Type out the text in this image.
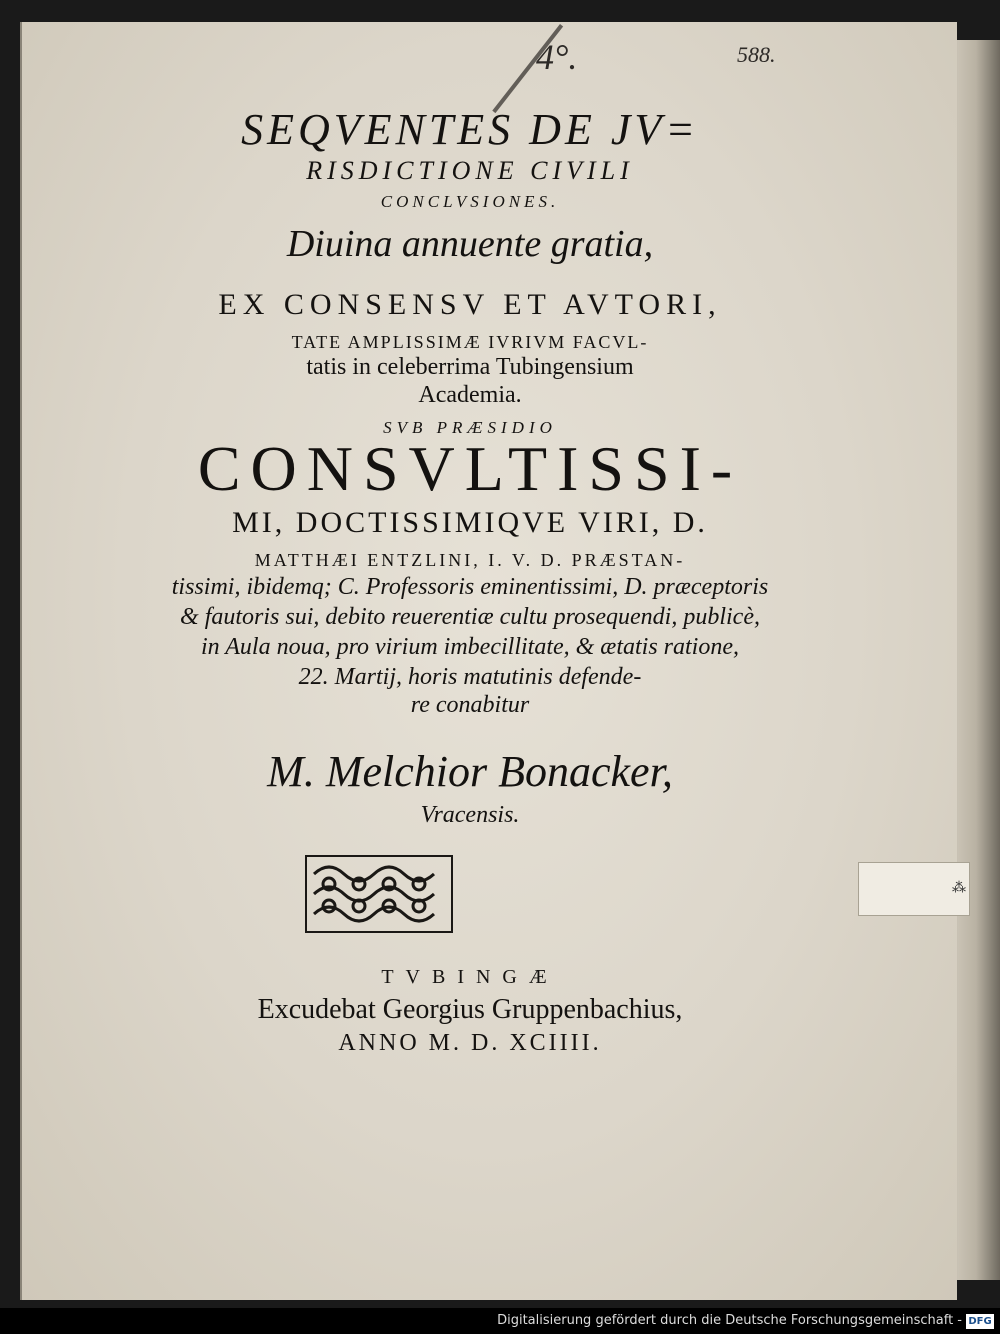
⁂
4°.	588.
SEQVENTES DE JV=
RISDICTIONE CIVILI
CONCLVSIONES.
Diuina annuente gratia,
EX CONSENSV ET AVTORI,
TATE AMPLISSIMÆ IVRIVM FACVL-
tatis in celeberrima Tubingensium
Academia.
SVB PRÆSIDIO
CONSVLTISSI-
MI, DOCTISSIMIQVE VIRI, D.
MATTHÆI ENTZLINI, I. V. D. PRÆSTAN-
tissimi, ibidemq; C. Professoris eminentissimi, D. præceptoris
& fautoris sui, debito reuerentiæ cultu prosequendi, publicè,
in Aula noua, pro virium imbecillitate, & ætatis ratione,
22. Martij, horis matutinis defende-
re conabitur
M. Melchior Bonacker,
Vracensis.
TVBINGÆ
Excudebat Georgius Gruppenbachius,
ANNO M. D. XCIIII.
Digitalisierung gefördert durch die Deutsche Forschungsgemeinschaft - DFG
